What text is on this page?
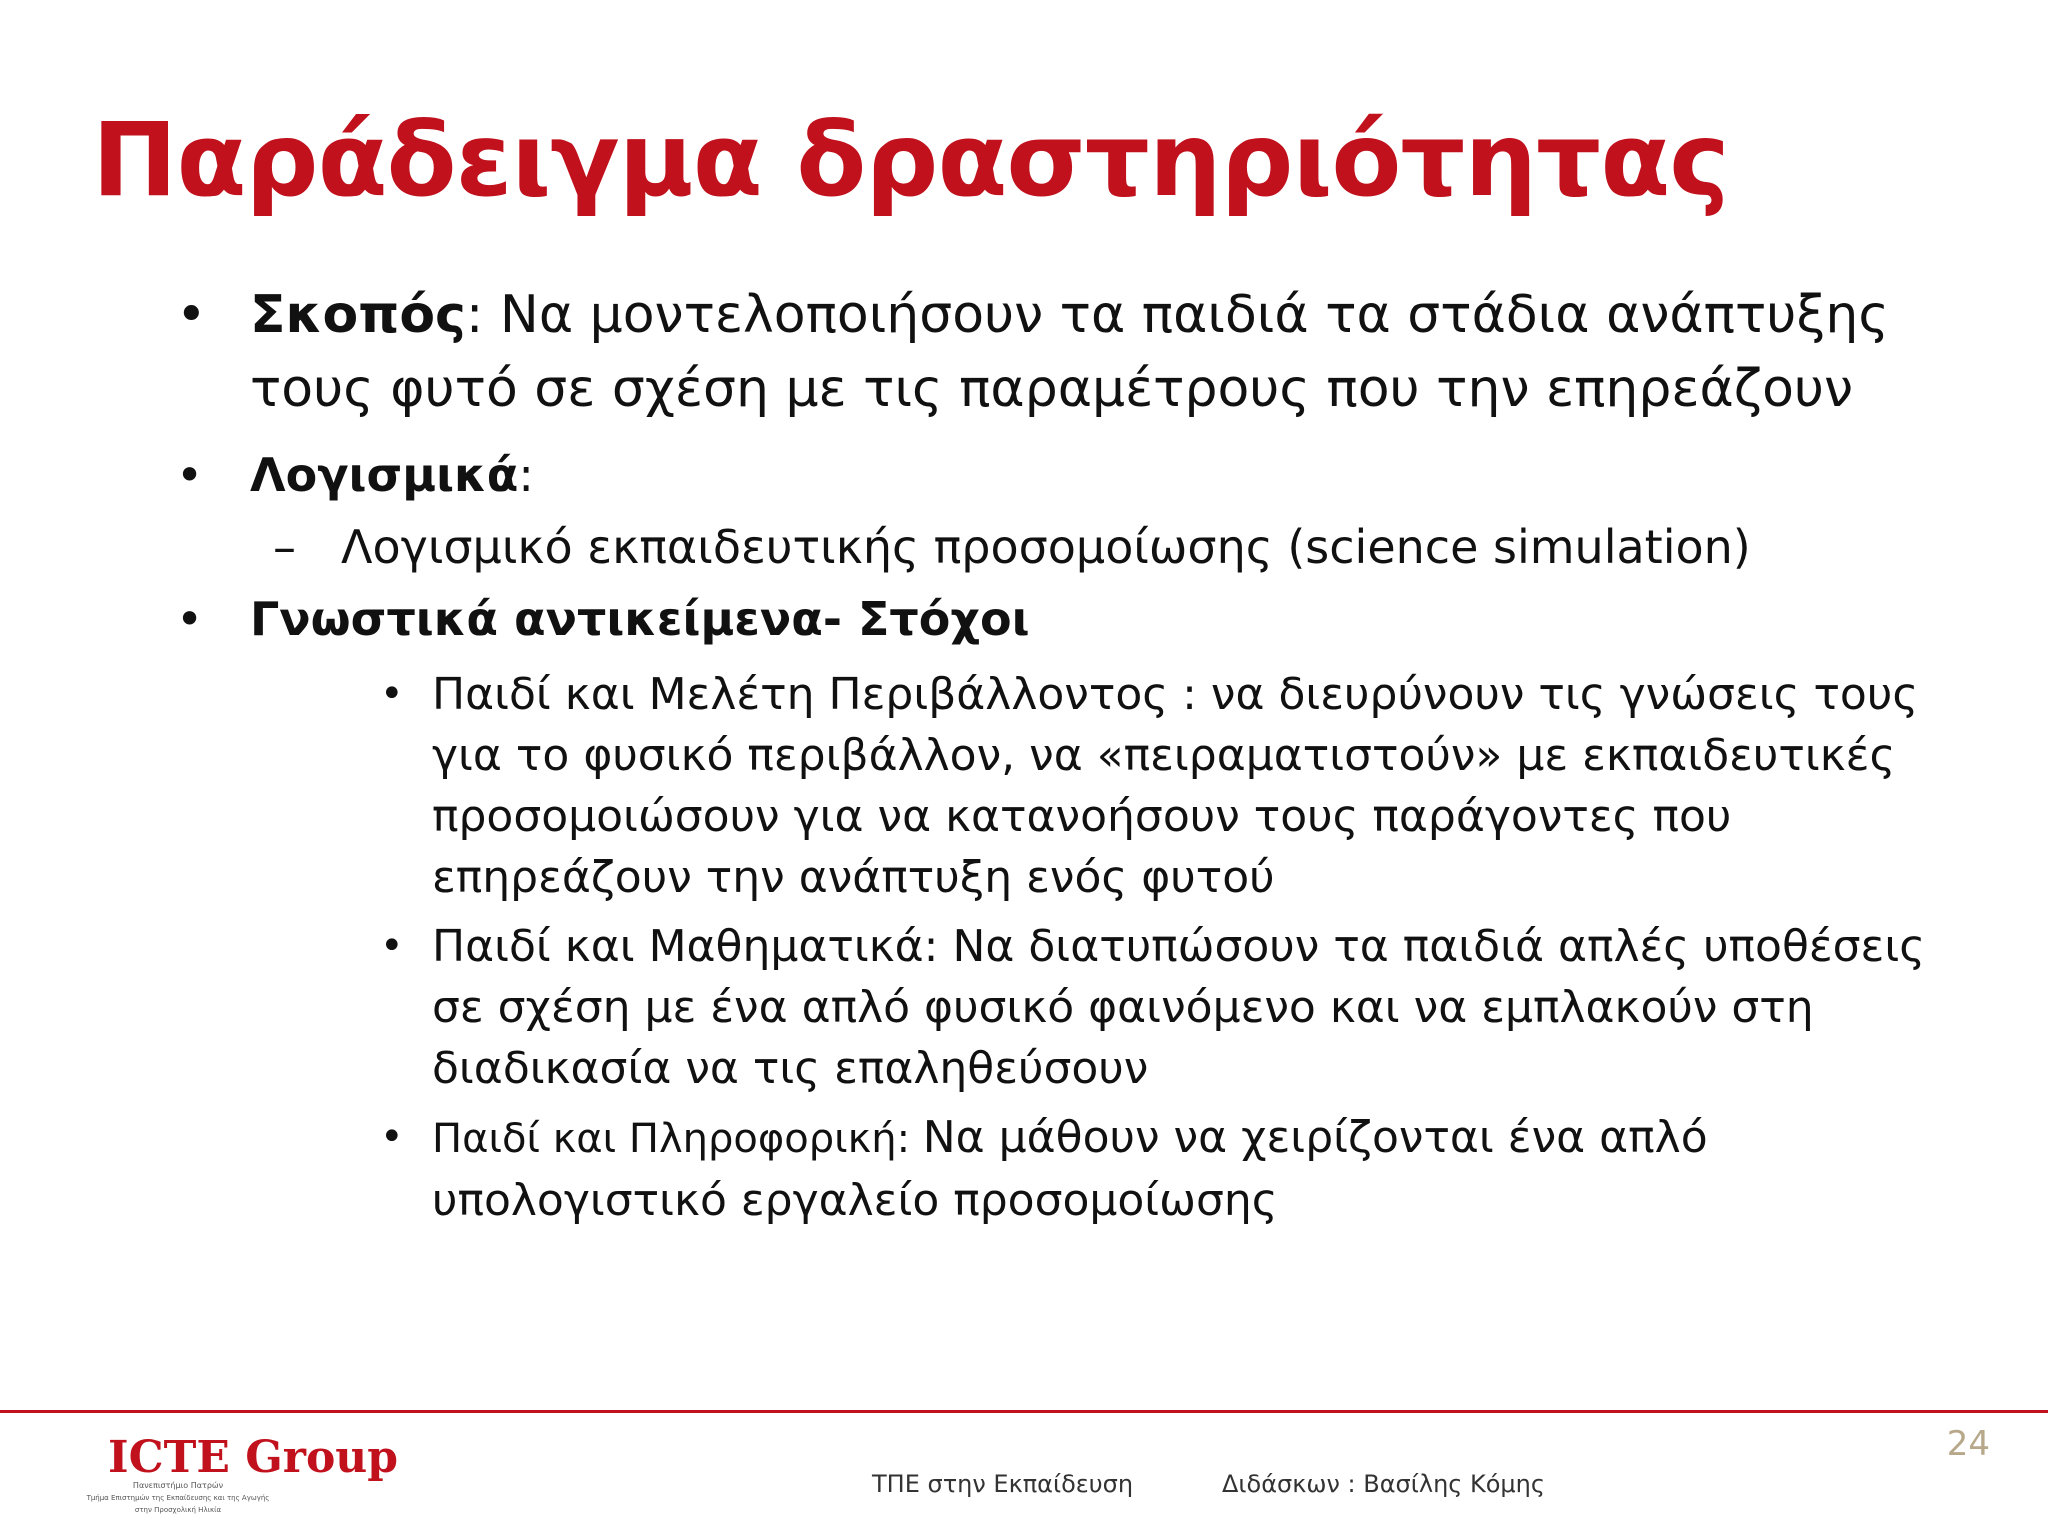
Παράδειγμα δραστηριότητας
• Σκοπός: Να μοντελοποιήσουν τα παιδιά τα στάδια ανάπτυξης τους φυτό σε σχέση με τις παραμέτρους που την επηρεάζουν
• Λογισμικά:
– Λογισμικό εκπαιδευτικής προσομοίωσης (science simulation)
• Γνωστικά αντικείμενα- Στόχοι
• Παιδί και Μελέτη Περιβάλλοντος : να διευρύνουν τις γνώσεις τους για το φυσικό περιβάλλον, να «πειραματιστούν» με εκπαιδευτικές προσομοιώσουν για να κατανοήσουν τους παράγοντες που επηρεάζουν την ανάπτυξη ενός φυτού
• Παιδί και Μαθηματικά: Να διατυπώσουν τα παιδιά απλές υποθέσεις σε σχέση με ένα απλό φυσικό φαινόμενο και να εμπλακούν στη διαδικασία να τις επαληθεύσουν
• Παιδί και Πληροφορική: Να μάθουν να χειρίζονται ένα απλό υπολογιστικό εργαλείο προσομοίωσης
24
ICTE Group
Πανεπιστήμιο Πατρών
Τμήμα Επιστημών της Εκπαίδευσης και της Αγωγής
στην Προσχολική Ηλικία
ΤΠΕ στην Εκπαίδευση	Διδάσκων : Βασίλης Κόμης
